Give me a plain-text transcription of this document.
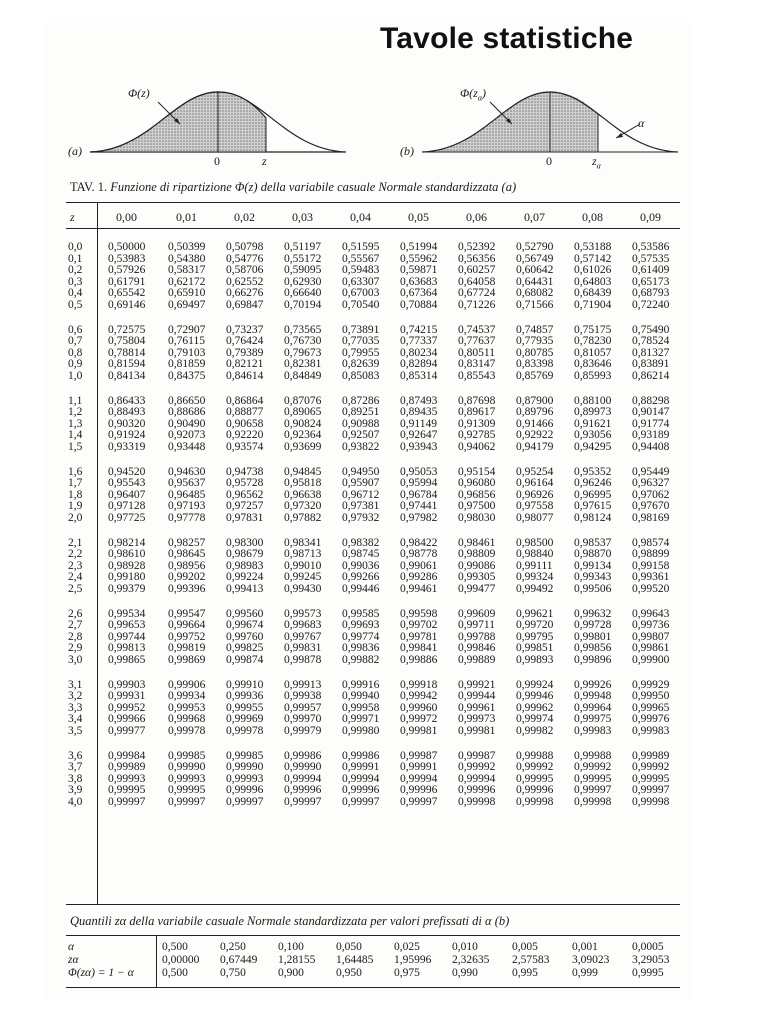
Tavole statistiche
(a)
Φ(z)
0	z
(b)
$\Phi(z_\alpha)$
0	$z_\alpha$
α
TAV. 1. Funzione di ripartizione Φ(z) della variabile casuale Normale standardizzata (a)
z	0,00	0,01	0,02	0,03	0,04	0,05	0,06	0,07	0,08	0,09
0,0 0,50000 0,50399 0,50798 0,51197 0,51595 0,51994 0,52392 0,52790 0,53188 0,53586
0,1 0,53983 0,54380 0,54776 0,55172 0,55567 0,55962 0,56356 0,56749 0,57142 0,57535
0,2 0,57926 0,58317 0,58706 0,59095 0,59483 0,59871 0,60257 0,60642 0,61026 0,61409
0,3 0,61791 0,62172 0,62552 0,62930 0,63307 0,63683 0,64058 0,64431 0,64803 0,65173
0,4 0,65542 0,65910 0,66276 0,66640 0,67003 0,67364 0,67724 0,68082 0,68439 0,68793
0,5 0,69146 0,69497 0,69847 0,70194 0,70540 0,70884 0,71226 0,71566 0,71904 0,72240
0,6 0,72575 0,72907 0,73237 0,73565 0,73891 0,74215 0,74537 0,74857 0,75175 0,75490
0,7 0,75804 0,76115 0,76424 0,76730 0,77035 0,77337 0,77637 0,77935 0,78230 0,78524
0,8 0,78814 0,79103 0,79389 0,79673 0,79955 0,80234 0,80511 0,80785 0,81057 0,81327
0,9 0,81594 0,81859 0,82121 0,82381 0,82639 0,82894 0,83147 0,83398 0,83646 0,83891
1,0 0,84134 0,84375 0,84614 0,84849 0,85083 0,85314 0,85543 0,85769 0,85993 0,86214
1,1 0,86433 0,86650 0,86864 0,87076 0,87286 0,87493 0,87698 0,87900 0,88100 0,88298
1,2 0,88493 0,88686 0,88877 0,89065 0,89251 0,89435 0,89617 0,89796 0,89973 0,90147
1,3 0,90320 0,90490 0,90658 0,90824 0,90988 0,91149 0,91309 0,91466 0,91621 0,91774
1,4 0,91924 0,92073 0,92220 0,92364 0,92507 0,92647 0,92785 0,92922 0,93056 0,93189
1,5 0,93319 0,93448 0,93574 0,93699 0,93822 0,93943 0,94062 0,94179 0,94295 0,94408
1,6 0,94520 0,94630 0,94738 0,94845 0,94950 0,95053 0,95154 0,95254 0,95352 0,95449
1,7 0,95543 0,95637 0,95728 0,95818 0,95907 0,95994 0,96080 0,96164 0,96246 0,96327
1,8 0,96407 0,96485 0,96562 0,96638 0,96712 0,96784 0,96856 0,96926 0,96995 0,97062
1,9 0,97128 0,97193 0,97257 0,97320 0,97381 0,97441 0,97500 0,97558 0,97615 0,97670
2,0 0,97725 0,97778 0,97831 0,97882 0,97932 0,97982 0,98030 0,98077 0,98124 0,98169
2,1 0,98214 0,98257 0,98300 0,98341 0,98382 0,98422 0,98461 0,98500 0,98537 0,98574
2,2 0,98610 0,98645 0,98679 0,98713 0,98745 0,98778 0,98809 0,98840 0,98870 0,98899
2,3 0,98928 0,98956 0,98983 0,99010 0,99036 0,99061 0,99086 0,99111 0,99134 0,99158
2,4 0,99180 0,99202 0,99224 0,99245 0,99266 0,99286 0,99305 0,99324 0,99343 0,99361
2,5 0,99379 0,99396 0,99413 0,99430 0,99446 0,99461 0,99477 0,99492 0,99506 0,99520
2,6 0,99534 0,99547 0,99560 0,99573 0,99585 0,99598 0,99609 0,99621 0,99632 0,99643
2,7 0,99653 0,99664 0,99674 0,99683 0,99693 0,99702 0,99711 0,99720 0,99728 0,99736
2,8 0,99744 0,99752 0,99760 0,99767 0,99774 0,99781 0,99788 0,99795 0,99801 0,99807
2,9 0,99813 0,99819 0,99825 0,99831 0,99836 0,99841 0,99846 0,99851 0,99856 0,99861
3,0 0,99865 0,99869 0,99874 0,99878 0,99882 0,99886 0,99889 0,99893 0,99896 0,99900
3,1 0,99903 0,99906 0,99910 0,99913 0,99916 0,99918 0,99921 0,99924 0,99926 0,99929
3,2 0,99931 0,99934 0,99936 0,99938 0,99940 0,99942 0,99944 0,99946 0,99948 0,99950
3,3 0,99952 0,99953 0,99955 0,99957 0,99958 0,99960 0,99961 0,99962 0,99964 0,99965
3,4 0,99966 0,99968 0,99969 0,99970 0,99971 0,99972 0,99973 0,99974 0,99975 0,99976
3,5 0,99977 0,99978 0,99978 0,99979 0,99980 0,99981 0,99981 0,99982 0,99983 0,99983
3,6 0,99984 0,99985 0,99985 0,99986 0,99986 0,99987 0,99987 0,99988 0,99988 0,99989
3,7 0,99989 0,99990 0,99990 0,99990 0,99991 0,99991 0,99992 0,99992 0,99992 0,99992
3,8 0,99993 0,99993 0,99993 0,99994 0,99994 0,99994 0,99994 0,99995 0,99995 0,99995
3,9 0,99995 0,99995 0,99996 0,99996 0,99996 0,99996 0,99996 0,99996 0,99997 0,99997
4,0 0,99997 0,99997 0,99997 0,99997 0,99997 0,99997 0,99998 0,99998 0,99998 0,99998
Quantili zα della variabile casuale Normale standardizzata per valori prefissati di α (b)
α	0,500	0,250	0,100	0,050	0,025	0,010	0,005	0,001	0,0005
zα	0,00000 0,67449 1,28155 1,64485 1,95996 2,32635 2,57583 3,09023 3,29053
Φ(zα) = 1 − α 0,500	0,750	0,900	0,950	0,975	0,990	0,995	0,999	0,9995
